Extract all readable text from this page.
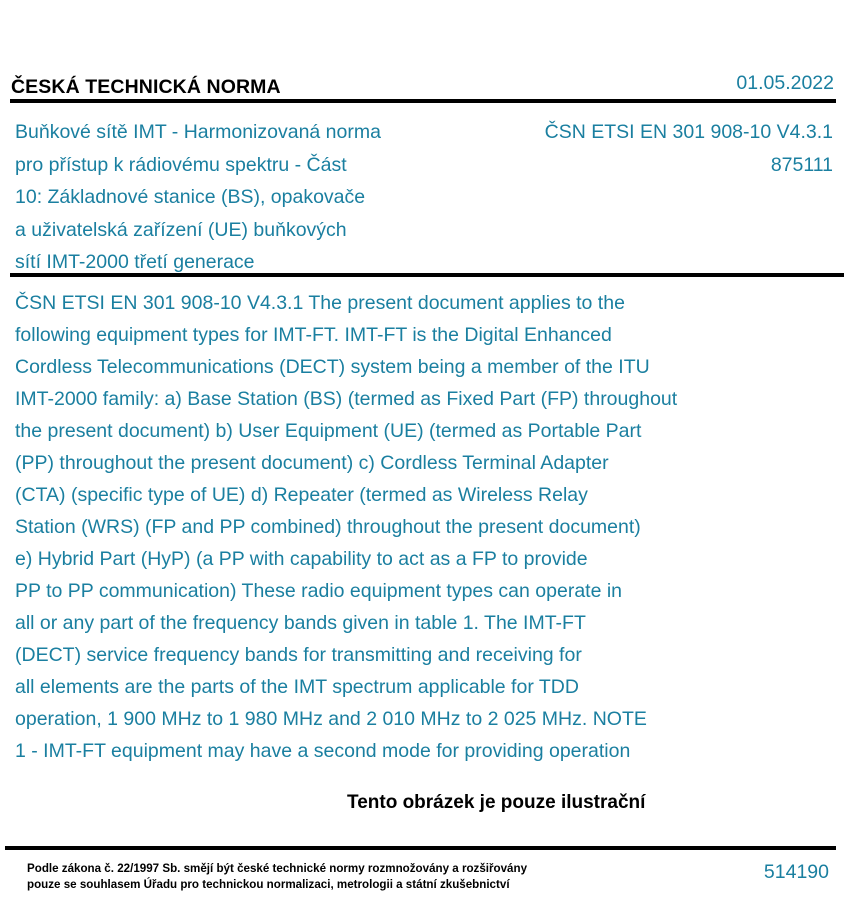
ČESKÁ TECHNICKÁ NORMA	01.05.2022
Buňkové sítě IMT - Harmonizovaná norma
pro přístup k rádiovému spektru - Část
10: Základnové stanice (BS), opakovače
a uživatelská zařízení (UE) buňkových
sítí IMT-2000 třetí generace
ČSN ETSI EN 301 908-10 V4.3.1
875111
ČSN ETSI EN 301 908-10 V4.3.1 The present document applies to the
following equipment types for IMT-FT. IMT-FT is the Digital Enhanced
Cordless Telecommunications (DECT) system being a member of the ITU
IMT-2000 family: a) Base Station (BS) (termed as Fixed Part (FP) throughout
the present document) b) User Equipment (UE) (termed as Portable Part
(PP) throughout the present document) c) Cordless Terminal Adapter
(CTA) (specific type of UE) d) Repeater (termed as Wireless Relay
Station (WRS) (FP and PP combined) throughout the present document)
e) Hybrid Part (HyP) (a PP with capability to act as a FP to provide
PP to PP communication) These radio equipment types can operate in
all or any part of the frequency bands given in table 1. The IMT-FT
(DECT) service frequency bands for transmitting and receiving for
all elements are the parts of the IMT spectrum applicable for TDD
operation, 1 900 MHz to 1 980 MHz and 2 010 MHz to 2 025 MHz. NOTE
1 - IMT-FT equipment may have a second mode for providing operation
Tento obrázek je pouze ilustrační
Podle zákona č. 22/1997 Sb. smějí být české technické normy rozmnožovány a rozšiřovány
pouze se souhlasem Úřadu pro technickou normalizaci, metrologii a státní zkušebnictví
514190
